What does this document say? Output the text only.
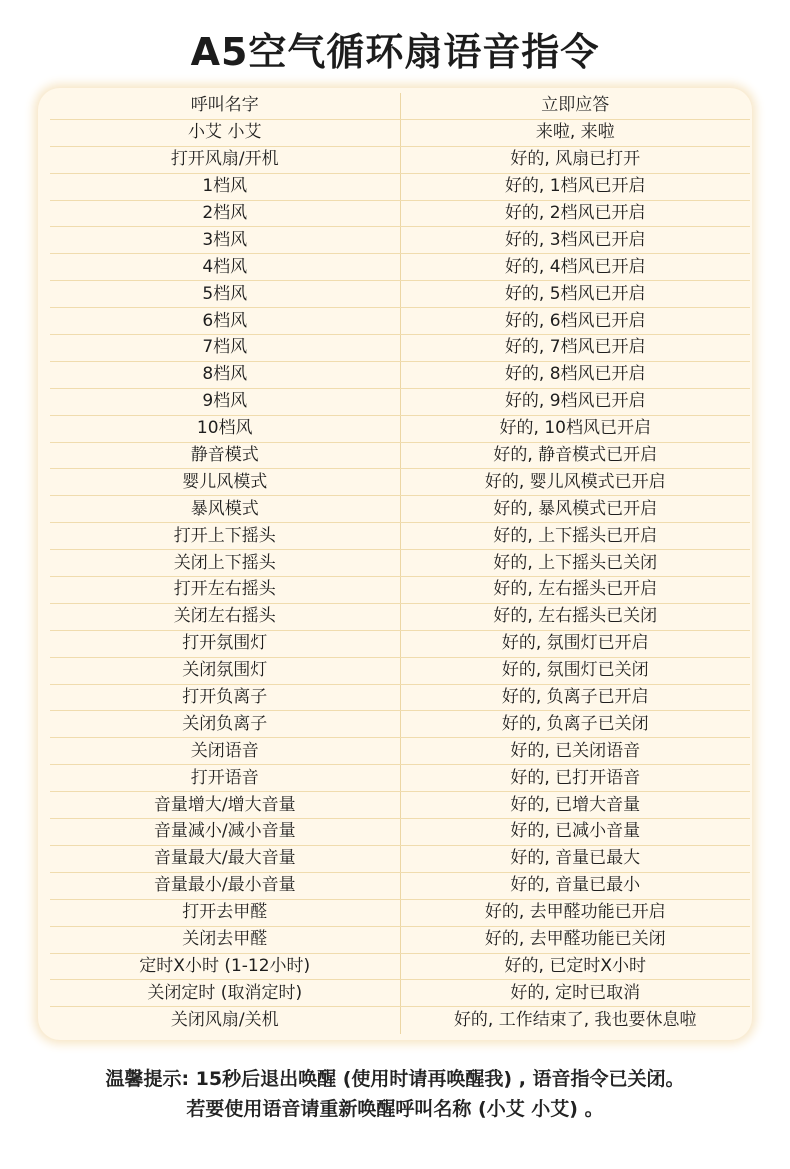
A5空气循环扇语音指令
呼叫名字	立即应答
小艾 小艾	来啦, 来啦
打开风扇/开机	好的, 风扇已打开
1档风	好的, 1档风已开启
2档风	好的, 2档风已开启
3档风	好的, 3档风已开启
4档风	好的, 4档风已开启
5档风	好的, 5档风已开启
6档风	好的, 6档风已开启
7档风	好的, 7档风已开启
8档风	好的, 8档风已开启
9档风	好的, 9档风已开启
10档风	好的, 10档风已开启
静音模式	好的, 静音模式已开启
婴儿风模式	好的, 婴儿风模式已开启
暴风模式	好的, 暴风模式已开启
打开上下摇头	好的, 上下摇头已开启
关闭上下摇头	好的, 上下摇头已关闭
打开左右摇头	好的, 左右摇头已开启
关闭左右摇头	好的, 左右摇头已关闭
打开氛围灯	好的, 氛围灯已开启
关闭氛围灯	好的, 氛围灯已关闭
打开负离子	好的, 负离子已开启
关闭负离子	好的, 负离子已关闭
关闭语音	好的, 已关闭语音
打开语音	好的, 已打开语音
音量增大/增大音量	好的, 已增大音量
音量减小/减小音量	好的, 已减小音量
音量最大/最大音量	好的, 音量已最大
音量最小/最小音量	好的, 音量已最小
打开去甲醛	好的, 去甲醛功能已开启
关闭去甲醛	好的, 去甲醛功能已关闭
定时X小时 (1-12小时)	好的, 已定时X小时
关闭定时 (取消定时)	好的, 定时已取消
关闭风扇/关机	好的, 工作结束了, 我也要休息啦
温馨提示: 15秒后退出唤醒 (使用时请再唤醒我) , 语音指令已关闭。
若要使用语音请重新唤醒呼叫名称 (小艾 小艾) 。
